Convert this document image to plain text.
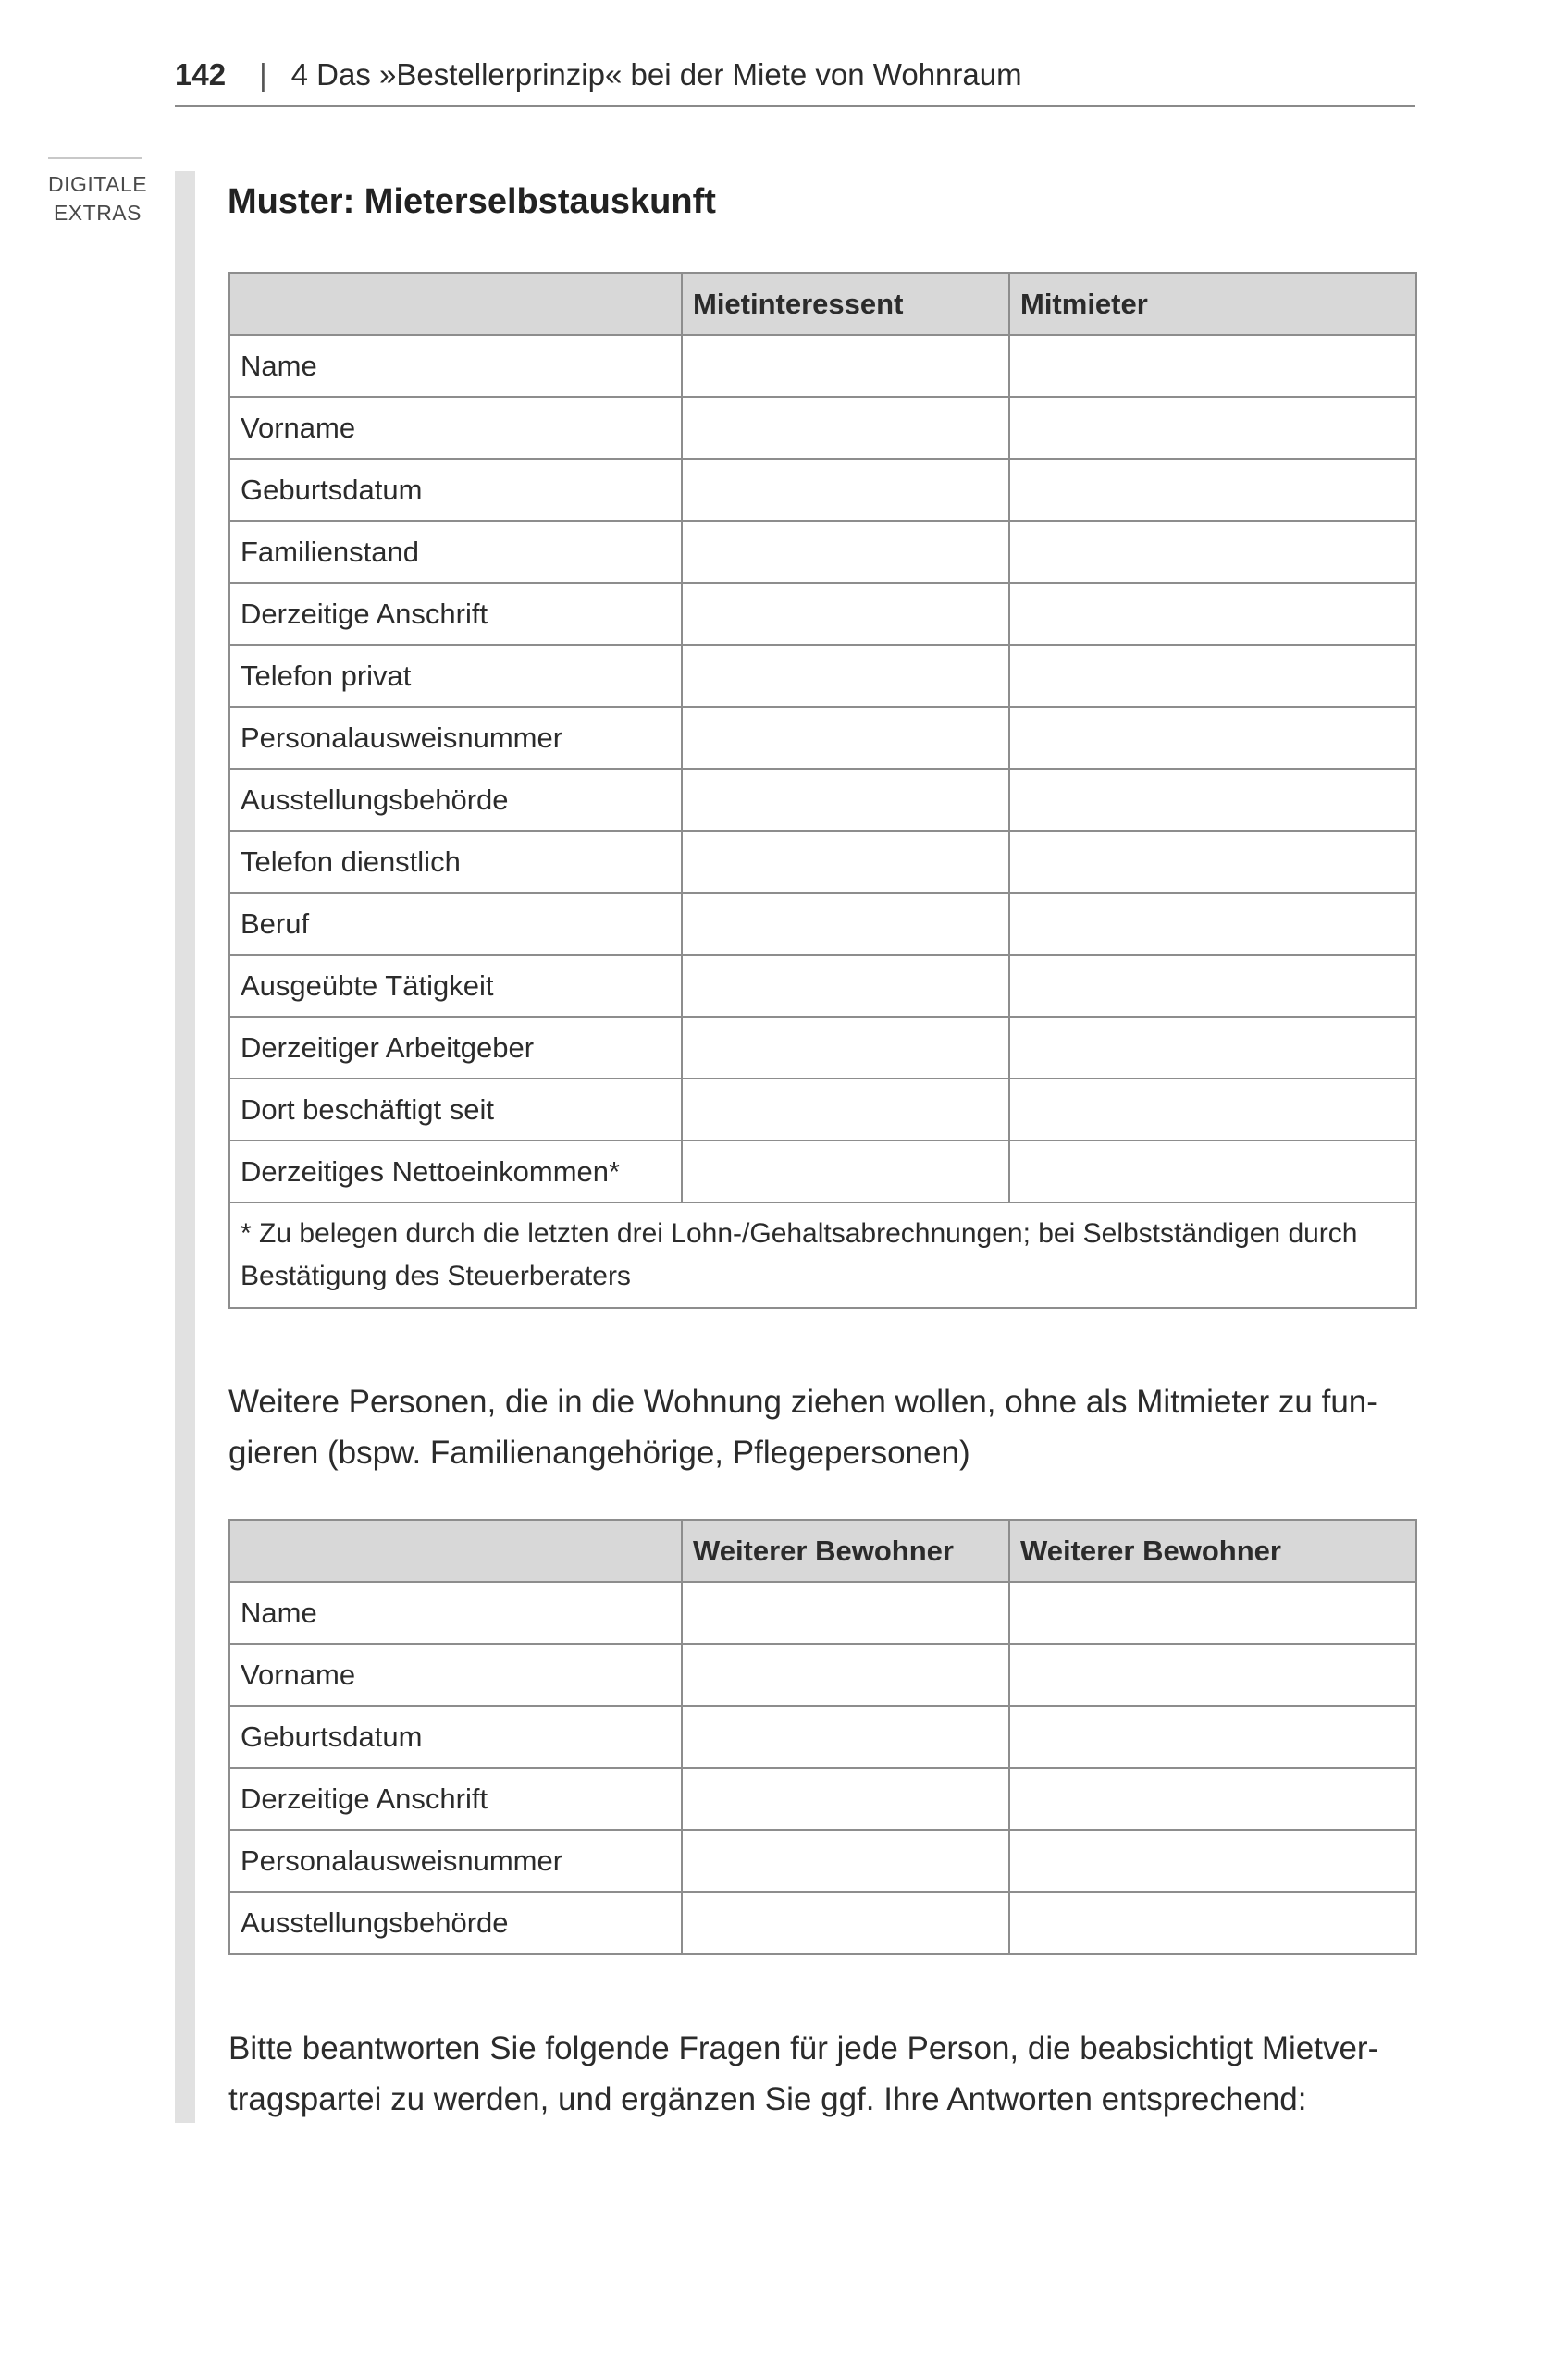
142 | 4 Das »Bestellerprinzip« bei der Miete von Wohnraum
DIGITALE
EXTRAS Muster: Mieterselbstauskunft
	Mietinteressent	Mitmieter
Name		
Vorname		
Geburtsdatum		
Familienstand		
Derzeitige Anschrift		
Telefon privat		
Personalausweisnummer		
Ausstellungsbehörde		
Telefon dienstlich		
Beruf		
Ausgeübte Tätigkeit		
Derzeitiger Arbeitgeber		
Dort beschäftigt seit		
Derzeitiges Nettoeinkommen*		
* Zu belegen durch die letzten drei Lohn-/Gehaltsabrechnungen; bei Selbstständigen durch Bestätigung des Steuerberaters		
Weitere Personen, die in die Wohnung ziehen wollen, ohne als Mitmieter zu fungieren (bspw. Familienangehörige, Pflegepersonen)
	Weiterer Bewohner	Weiterer Bewohner
Name		
Vorname		
Geburtsdatum		
Derzeitige Anschrift		
Personalausweisnummer		
Ausstellungsbehörde		
Bitte beantworten Sie folgende Fragen für jede Person, die beabsichtigt Mietvertragspartei zu werden, und ergänzen Sie ggf. Ihre Antworten entsprechend:
